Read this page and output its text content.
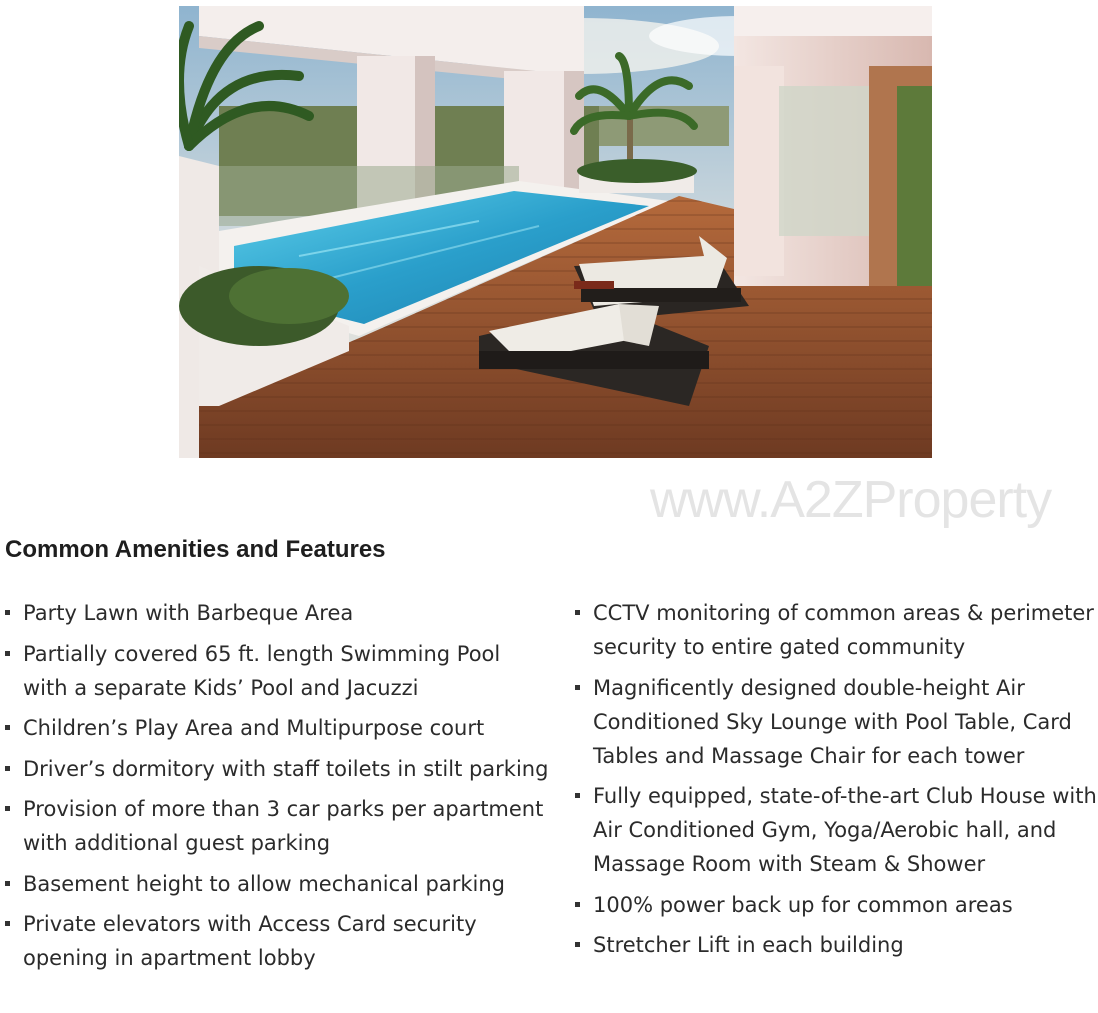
www.A2ZProperty
Common Amenities and Features
Party Lawn with Barbeque Area
Partially covered 65 ft. length Swimming Pool with a separate Kids’ Pool and Jacuzzi
Children’s Play Area and Multipurpose court
Driver’s dormitory with staff toilets in stilt parking
Provision of more than 3 car parks per apartment with additional guest parking
Basement height to allow mechanical parking
Private elevators with Access Card security opening in apartment lobby
CCTV monitoring of common areas & perimeter security to entire gated community
Magnificently designed double-height Air Conditioned Sky Lounge with Pool Table, Card Tables and Massage Chair for each tower
Fully equipped, state-of-the-art Club House with Air Conditioned Gym, Yoga/Aerobic hall, and Massage Room with Steam & Shower
100% power back up for common areas
Stretcher Lift in each building
